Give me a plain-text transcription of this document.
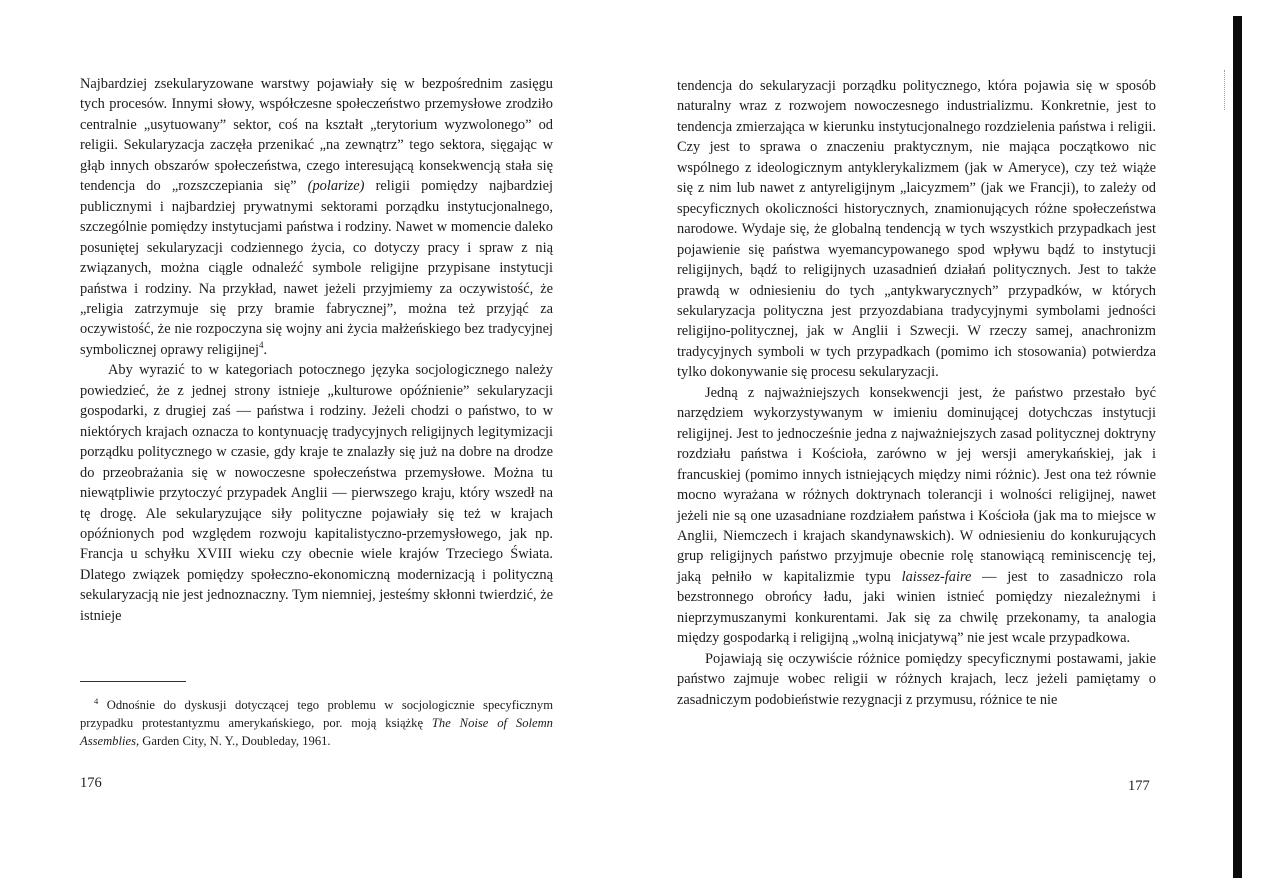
Najbardziej zsekularyzowane warstwy pojawiały się w bezpośrednim zasięgu tych procesów. Innymi słowy, współczesne społeczeństwo przemysłowe zrodziło centralnie „usytuowany” sektor, coś na kształt „terytorium wyzwolonego” od religii. Sekularyzacja zaczęła przenikać „na zewnątrz” tego sektora, sięgając w głąb innych obszarów społeczeństwa, czego interesującą konsekwencją stała się tendencja do „rozszczepiania się” (polarize) religii pomiędzy najbardziej publicznymi i najbardziej prywatnymi sektorami porządku instytucjonalnego, szczególnie pomiędzy instytucjami państwa i rodziny. Nawet w momencie daleko posuniętej sekularyzacji codziennego życia, co dotyczy pracy i spraw z nią związanych, można ciągle odnaleźć symbole religijne przypisane instytucji państwa i rodziny. Na przykład, nawet jeżeli przyjmiemy za oczywistość, że „religia zatrzymuje się przy bramie fabrycznej”, można też przyjąć za oczywistość, że nie rozpoczyna się wojny ani życia małżeńskiego bez tradycyjnej symbolicznej oprawy religijnej$^4$.

Aby wyrazić to w kategoriach potocznego języka socjologicznego należy powiedzieć, że z jednej strony istnieje „kulturowe opóźnienie” sekularyzacji gospodarki, z drugiej zaś — państwa i rodziny. Jeżeli chodzi o państwo, to w niektórych krajach oznacza to kontynuację tradycyjnych religijnych legitymizacji porządku politycznego w czasie, gdy kraje te znalazły się już na dobre na drodze do przeobrażania się w nowoczesne społeczeństwa przemysłowe. Można tu niewątpliwie przytoczyć przypadek Anglii — pierwszego kraju, który wszedł na tę drogę. Ale sekularyzujące siły polityczne pojawiały się też w krajach opóźnionych pod względem rozwoju kapitalistyczno-przemysłowego, jak np. Francja u schyłku XVIII wieku czy obecnie wiele krajów Trzeciego Świata. Dlatego związek pomiędzy społeczno-ekonomiczną modernizacją i polityczną sekularyzacją nie jest jednoznaczny. Tym niemniej, jesteśmy skłonni twierdzić, że istnieje

$^4$ Odnośnie do dyskusji dotyczącej tego problemu w socjologicznie specyficznym przypadku protestantyzmu amerykańskiego, por. moją książkę The Noise of Solemn Assemblies, Garden City, N. Y., Doubleday, 1961.

176

tendencja do sekularyzacji porządku politycznego, która pojawia się w sposób naturalny wraz z rozwojem nowoczesnego industrializmu. Konkretnie, jest to tendencja zmierzająca w kierunku instytucjonalnego rozdzielenia państwa i religii. Czy jest to sprawa o znaczeniu praktycznym, nie mająca początkowo nic wspólnego z ideologicznym antyklerykalizmem (jak w Ameryce), czy też wiąże się z nim lub nawet z antyreligijnym „laicyzmem” (jak we Francji), to zależy od specyficznych okoliczności historycznych, znamionujących różne społeczeństwa narodowe. Wydaje się, że globalną tendencją w tych wszystkich przypadkach jest pojawienie się państwa wyemancypowanego spod wpływu bądź to instytucji religijnych, bądź to religijnych uzasadnień działań politycznych. Jest to także prawdą w odniesieniu do tych „antykwarycznych” przypadków, w których sekularyzacja polityczna jest przyozdabiana tradycyjnymi symbolami jedności religijno-politycznej, jak w Anglii i Szwecji. W rzeczy samej, anachronizm tradycyjnych symboli w tych przypadkach (pomimo ich stosowania) potwierdza tylko dokonywanie się procesu sekularyzacji.

Jedną z najważniejszych konsekwencji jest, że państwo przestało być narzędziem wykorzystywanym w imieniu dominującej dotychczas instytucji religijnej. Jest to jednocześnie jedna z najważniejszych zasad politycznej doktryny rozdziału państwa i Kościoła, zarówno w jej wersji amerykańskiej, jak i francuskiej (pomimo innych istniejących między nimi różnic). Jest ona też równie mocno wyrażana w różnych doktrynach tolerancji i wolności religijnej, nawet jeżeli nie są one uzasadniane rozdziałem państwa i Kościoła (jak ma to miejsce w Anglii, Niemczech i krajach skandynawskich). W odniesieniu do konkurujących grup religijnych państwo przyjmuje obecnie rolę stanowiącą reminiscencję tej, jaką pełniło w kapitalizmie typu laissez-faire — jest to zasadniczo rola bezstronnego obrońcy ładu, jaki winien istnieć pomiędzy niezależnymi i nieprzymuszanymi konkurentami. Jak się za chwilę przekonamy, ta analogia między gospodarką i religijną „wolną inicjatywą” nie jest wcale przypadkowa.

Pojawiają się oczywiście różnice pomiędzy specyficznymi postawami, jakie państwo zajmuje wobec religii w różnych krajach, lecz jeżeli pamiętamy o zasadniczym podobieństwie rezygnacji z przymusu, różnice te nie

177
